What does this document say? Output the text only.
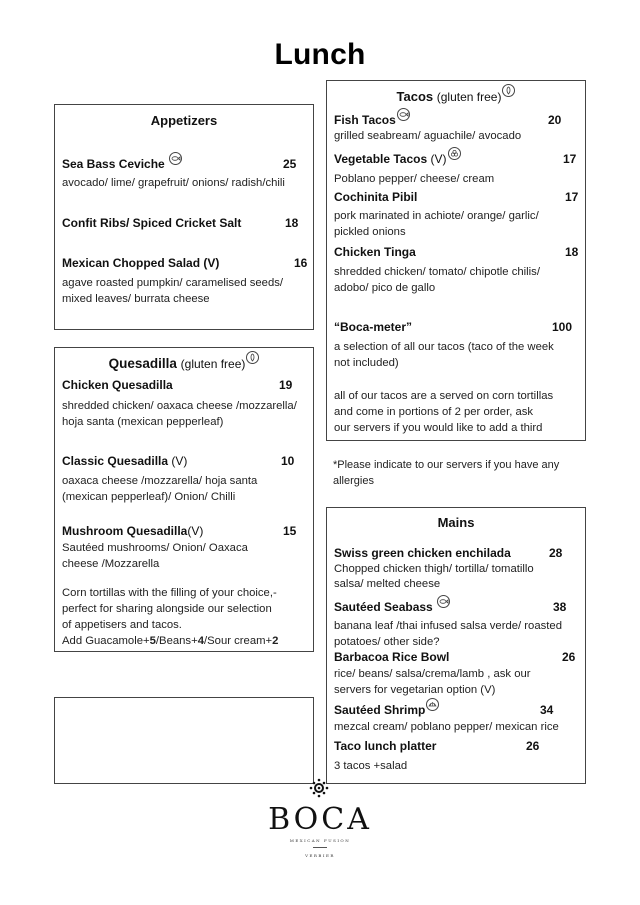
Lunch
Appetizers
Sea Bass Ceviche	25
avocado/ lime/ grapefruit/ onions/ radish/chili
Confit Ribs/ Spiced Cricket Salt	18
Mexican Chopped Salad (V)	16
agave roasted pumpkin/ caramelised seeds/
mixed leaves/ burrata cheese
Quesadilla (gluten free)
Chicken Quesadilla	19
shredded chicken/ oaxaca cheese /mozzarella/
hoja santa (mexican pepperleaf)
Classic Quesadilla (V)	10
oaxaca cheese /mozzarella/ hoja santa
(mexican pepperleaf)/ Onion/ Chilli
Mushroom Quesadilla(V)	15
Sautéed mushrooms/ Onion/ Oaxaca
cheese /Mozzarella
Corn tortillas with the filling of your choice,-
perfect for sharing alongside our selection
of appetisers and tacos.
Add Guacamole+5/Beans+4/Sour cream+2
Tacos (gluten free)
Fish Tacos	20
grilled seabream/ aguachile/ avocado
Vegetable Tacos (V)	17
Poblano pepper/ cheese/ cream
Cochinita Pibil	17
pork marinated in achiote/ orange/ garlic/
pickled onions
Chicken Tinga	18
shredded chicken/ tomato/ chipotle chilis/
adobo/ pico de gallo
“Boca-meter”	100
a selection of all our tacos (taco of the week
not included)
all of our tacos are a served on corn tortillas
and come in portions of 2 per order, ask
our servers if you would like to add a third
*Please indicate to our servers if you have any
allergies
Mains
Swiss green chicken enchilada	28
Chopped chicken thigh/ tortilla/ tomatillo
salsa/ melted cheese
Sautéed Seabass	38
banana leaf /thai infused salsa verde/ roasted
potatoes/ other side?
Barbacoa Rice Bowl	26
rice/ beans/ salsa/crema/lamb , ask our
servers for vegetarian option (V)
Sautéed Shrimp	34
mezcal cream/ poblano pepper/ mexican rice
Taco lunch platter	26
3 tacos +salad
BOCA
MEXICAN FUSION
VERBIER
